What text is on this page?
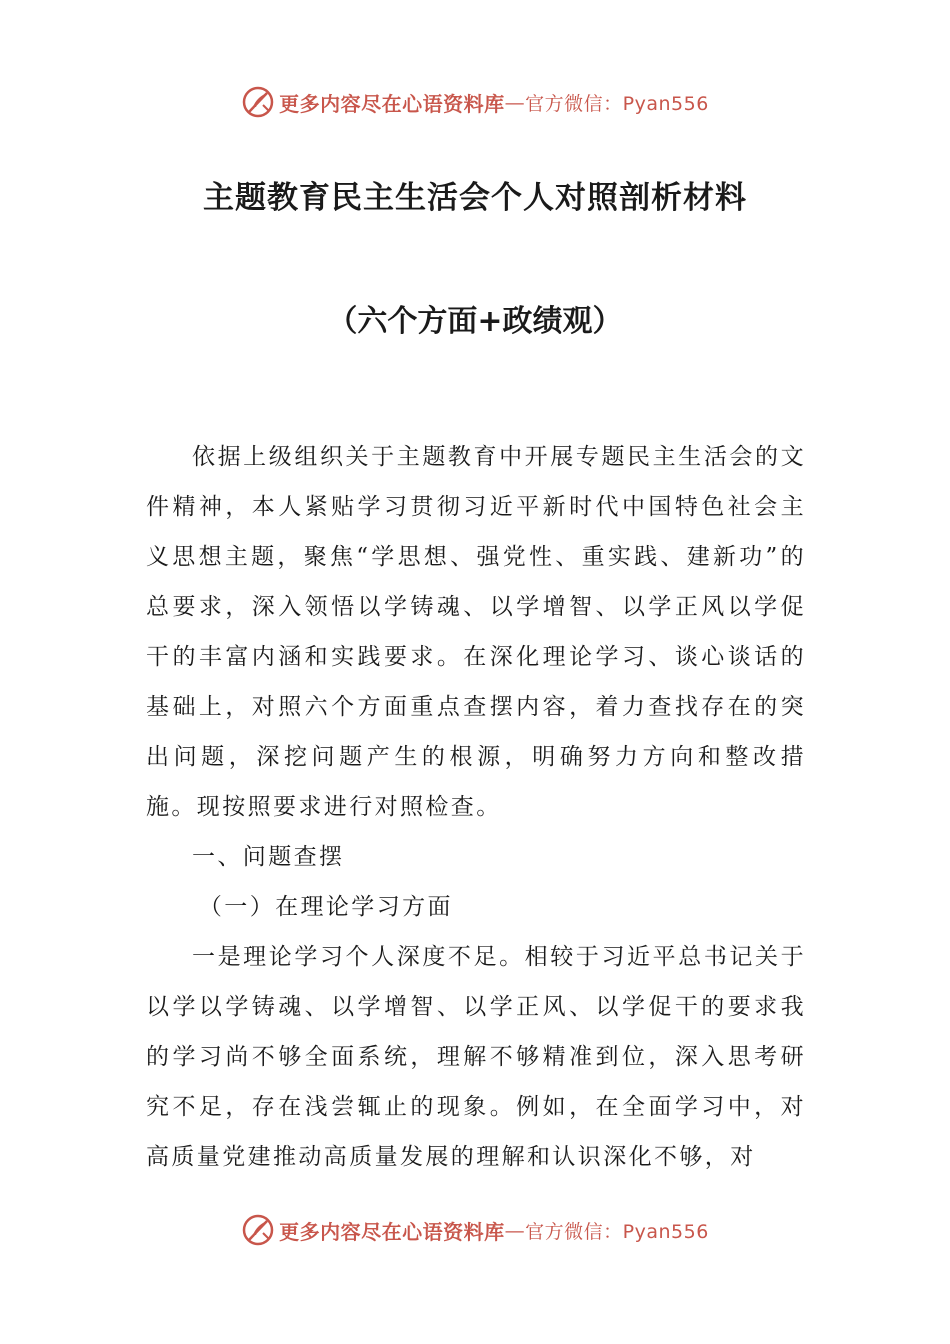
更多内容尽在心语资料库 — 官方微信：Pyan556
主题教育民主生活会个人对照剖析材料
（六个方面+政绩观）

依据上级组织关于主题教育中开展专题民主生活会的文件精神，本人紧贴学习贯彻习近平新时代中国特色社会主义思想主题，聚焦“学思想、强党性、重实践、建新功”的总要求，深入领悟以学铸魂、以学增智、以学正风以学促干的丰富内涵和实践要求。在深化理论学习、谈心谈话的基础上，对照六个方面重点查摆内容，着力查找存在的突出问题，深挖问题产生的根源，明确努力方向和整改措施。现按照要求进行对照检查。

一、问题查摆

（一）在理论学习方面

一是理论学习个人深度不足。相较于习近平总书记关于以学以学铸魂、以学增智、以学正风、以学促干的要求我的学习尚不够全面系统，理解不够精准到位，深入思考研究不足，存在浅尝辄止的现象。例如，在全面学习中，对高质量党建推动高质量发展的理解和认识深化不够，对

更多内容尽在心语资料库 — 官方微信：Pyan556
